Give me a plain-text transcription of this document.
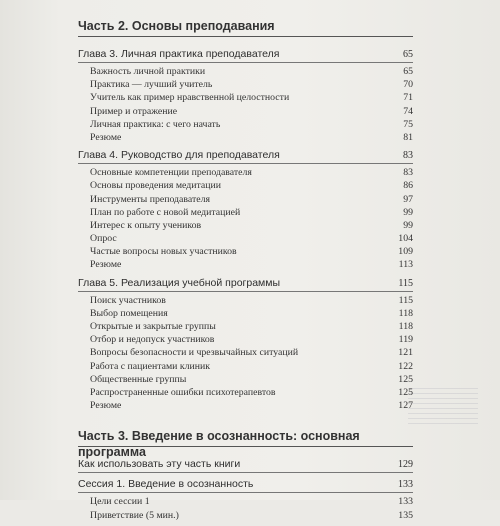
Часть 2. Основы преподавания
Глава 3. Личная практика преподавателя	65
Важность личной практики	65
Практика — лучший учитель	70
Учитель как пример нравственной целостности	71
Пример и отражение	74
Личная практика: с чего начать	75
Резюме	81
Глава 4. Руководство для преподавателя	83
Основные компетенции преподавателя	83
Основы проведения медитации	86
Инструменты преподавателя	97
План по работе с новой медитацией	99
Интерес к опыту учеников	99
Опрос	104
Частые вопросы новых участников	109
Резюме	113
Глава 5. Реализация учебной программы	115
Поиск участников	115
Выбор помещения	118
Открытые и закрытые группы	118
Отбор и недопуск участников	119
Вопросы безопасности и чрезвычайных ситуаций	121
Работа с пациентами клиник	122
Общественные группы	125
Распространенные ошибки психотерапевтов	125
Резюме	127
Часть 3. Введение в осознанность: основная программа
Как использовать эту часть книги	129
Сессия 1. Введение в осознанность	133
Цели сессии 1	133
Приветствие (5 мин.)	135
